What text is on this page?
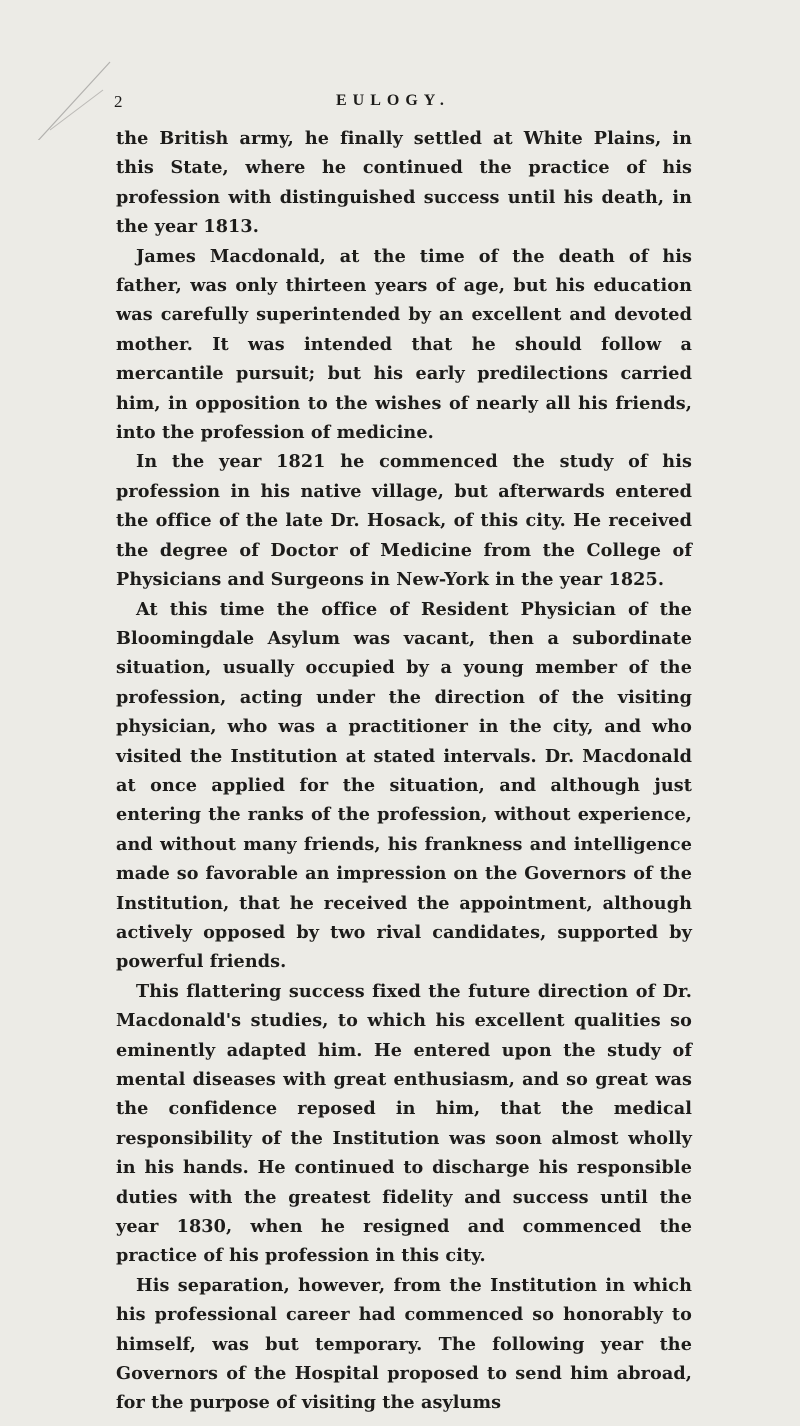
2	EULOGY.

the British army, he finally settled at White Plains, in this State, where he continued the practice of his profession with distinguished success until his death, in the year 1813.

James Macdonald, at the time of the death of his father, was only thirteen years of age, but his education was carefully superintended by an excellent and devoted mother. It was intended that he should follow a mercantile pursuit; but his early predilections carried him, in opposition to the wishes of nearly all his friends, into the profession of medicine.

In the year 1821 he commenced the study of his profession in his native village, but afterwards entered the office of the late Dr. Hosack, of this city. He received the degree of Doctor of Medicine from the College of Physicians and Surgeons in New-York in the year 1825.

At this time the office of Resident Physician of the Bloomingdale Asylum was vacant, then a subordinate situation, usually occupied by a young member of the profession, acting under the direction of the visiting physician, who was a practitioner in the city, and who visited the Institution at stated intervals. Dr. Macdonald at once applied for the situation, and although just entering the ranks of the profession, without experience, and without many friends, his frankness and intelligence made so favorable an impression on the Governors of the Institution, that he received the appointment, although actively opposed by two rival candidates, supported by powerful friends.

This flattering success fixed the future direction of Dr. Macdonald's studies, to which his excellent qualities so eminently adapted him. He entered upon the study of mental diseases with great enthusiasm, and so great was the confidence reposed in him, that the medical responsibility of the Institution was soon almost wholly in his hands. He continued to discharge his responsible duties with the greatest fidelity and success until the year 1830, when he resigned and commenced the practice of his profession in this city.

His separation, however, from the Institution in which his professional career had commenced so honorably to himself, was but temporary. The following year the Governors of the Hospital proposed to send him abroad, for the purpose of visiting the asylums
